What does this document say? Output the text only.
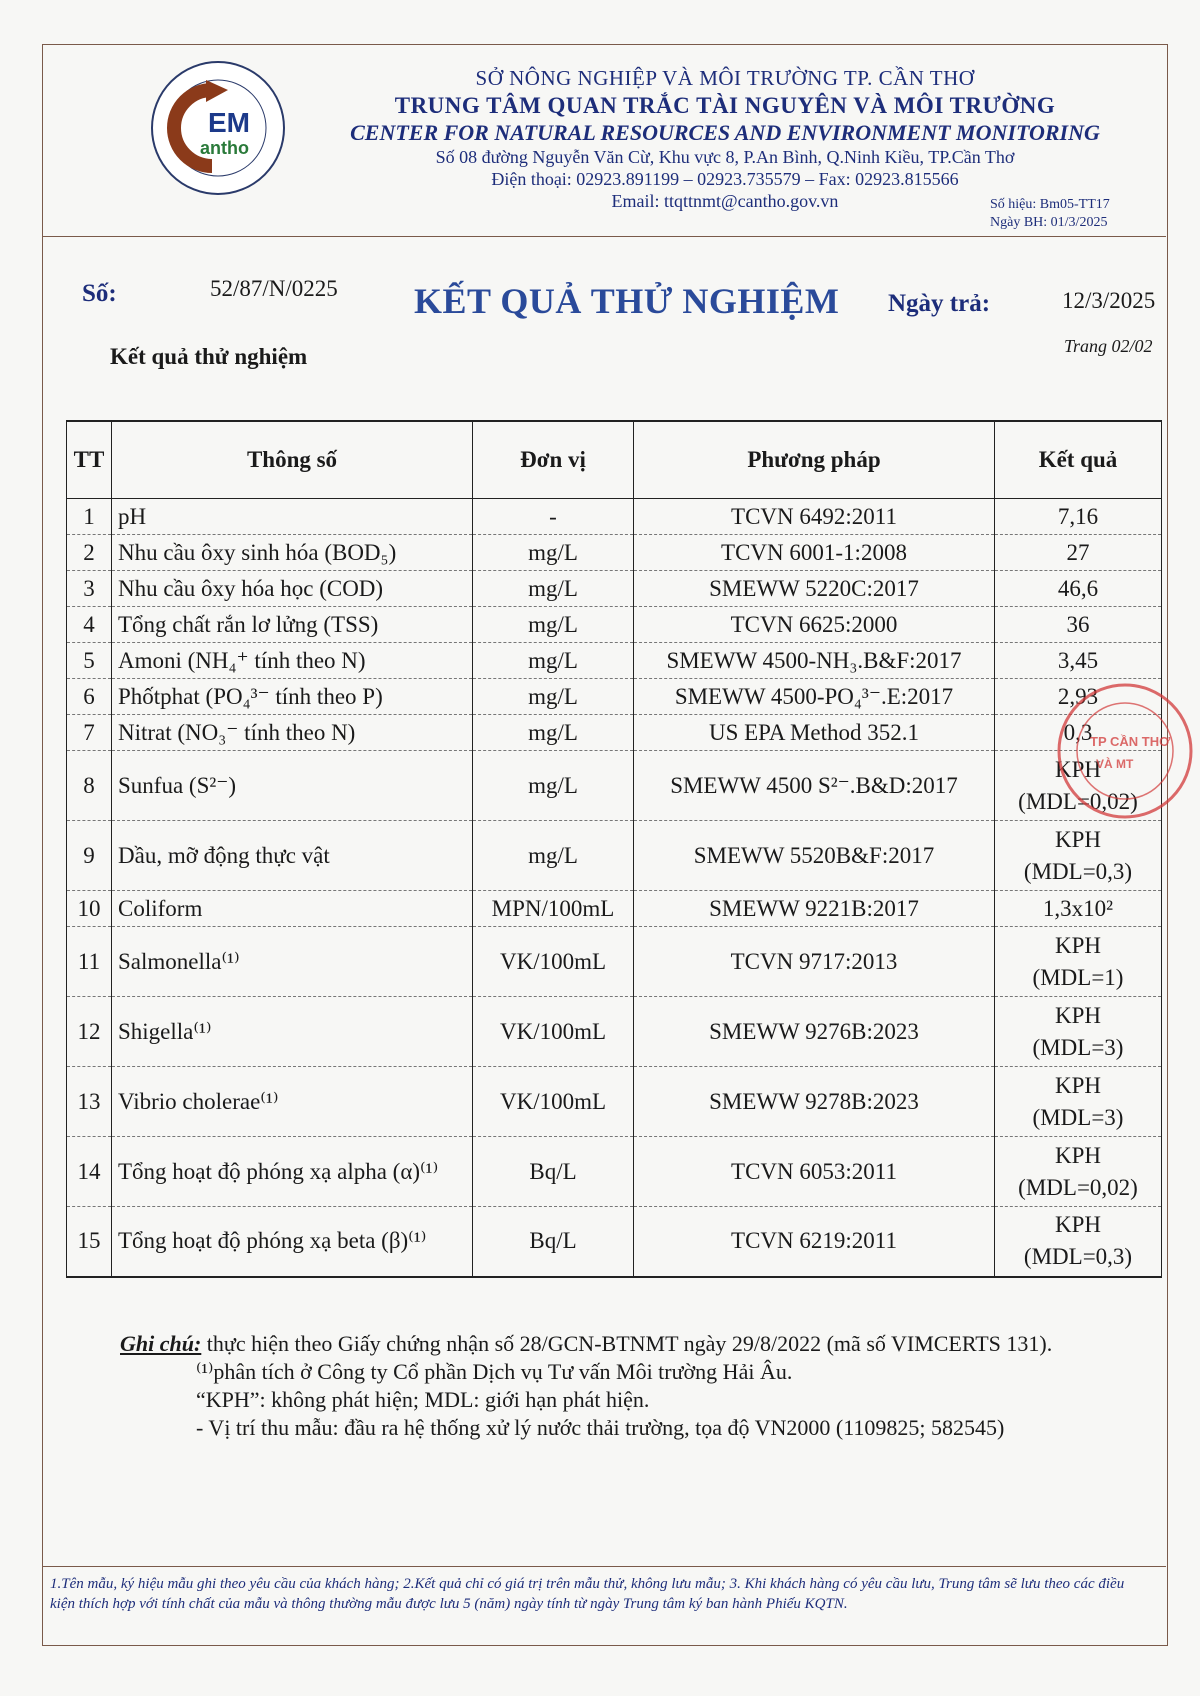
EM
antho
SỞ NÔNG NGHIỆP VÀ MÔI TRƯỜNG TP. CẦN THƠ
TRUNG TÂM QUAN TRẮC TÀI NGUYÊN VÀ MÔI TRƯỜNG
CENTER FOR NATURAL RESOURCES AND ENVIRONMENT MONITORING
Số 08 đường Nguyễn Văn Cừ, Khu vực 8, P.An Bình, Q.Ninh Kiều, TP.Cần Thơ
Điện thoại: 02923.891199 – 02923.735579 – Fax: 02923.815566
Email: ttqttnmt@cantho.gov.vn	Số hiệu: Bm05-TT17
Ngày BH: 01/3/2025
Số:	52/87/N/0225 KẾT QUẢ THỬ NGHIỆM Ngày trả:	12/3/2025
Trang 02/02
Kết quả thử nghiệm
TT	Thông số	Đơn vị	Phương pháp	Kết quả
1	pH	-	TCVN 6492:2011	7,16

2	Nhu cầu ôxy sinh hóa (BOD₅)	mg/L	TCVN 6001-1:2008	27

3	Nhu cầu ôxy hóa học (COD)	mg/L	SMEWW 5220C:2017	46,6

4	Tổng chất rắn lơ lửng (TSS)	mg/L	TCVN 6625:2000	36

5	Amoni (NH₄⁺ tính theo N)	mg/L	SMEWW 4500-NH₃.B&F:2017	3,45

6	Phốtphat (PO₄³⁻ tính theo P)	mg/L	SMEWW 4500-PO₄³⁻.E:2017	2,93

7	Nitrat (NO₃⁻ tính theo N)	mg/L	US EPA Method 352.1	0,3

8	Sunfua (S²⁻)	mg/L	SMEWW 4500 S²⁻.B&D:2017	KPH
(MDL=0,02)

9	Dầu, mỡ động thực vật	mg/L	SMEWW 5520B&F:2017	KPH
(MDL=0,3)

10	Coliform	MPN/100mL	SMEWW 9221B:2017	1,3x10²

11	Salmonella⁽¹⁾	VK/100mL	TCVN 9717:2013	KPH
(MDL=1)

12	Shigella⁽¹⁾	VK/100mL	SMEWW 9276B:2023	KPH
(MDL=3)

13	Vibrio cholerae⁽¹⁾	VK/100mL	SMEWW 9278B:2023	KPH
(MDL=3)

14	Tổng hoạt độ phóng xạ alpha (α)⁽¹⁾	Bq/L	TCVN 6053:2011	KPH
(MDL=0,02)

15	Tổng hoạt độ phóng xạ beta (β)⁽¹⁾	Bq/L	TCVN 6219:2011	KPH
(MDL=0,3)
TP CẦN THƠ
VÀ MT
Ghi chú: thực hiện theo Giấy chứng nhận số 28/GCN-BTNMT ngày 29/8/2022 (mã số VIMCERTS 131).
⁽¹⁾phân tích ở Công ty Cổ phần Dịch vụ Tư vấn Môi trường Hải Âu.
“KPH”: không phát hiện; MDL: giới hạn phát hiện.
- Vị trí thu mẫu: đầu ra hệ thống xử lý nước thải trường, tọa độ VN2000 (1109825; 582545)
1.Tên mẫu, ký hiệu mẫu ghi theo yêu cầu của khách hàng; 2.Kết quả chỉ có giá trị trên mẫu thử, không lưu mẫu; 3. Khi khách hàng có yêu cầu lưu, Trung tâm sẽ lưu theo các điều kiện thích hợp với tính chất của mẫu và thông thường mẫu được lưu 5 (năm) ngày tính từ ngày Trung tâm ký ban hành Phiếu KQTN.
